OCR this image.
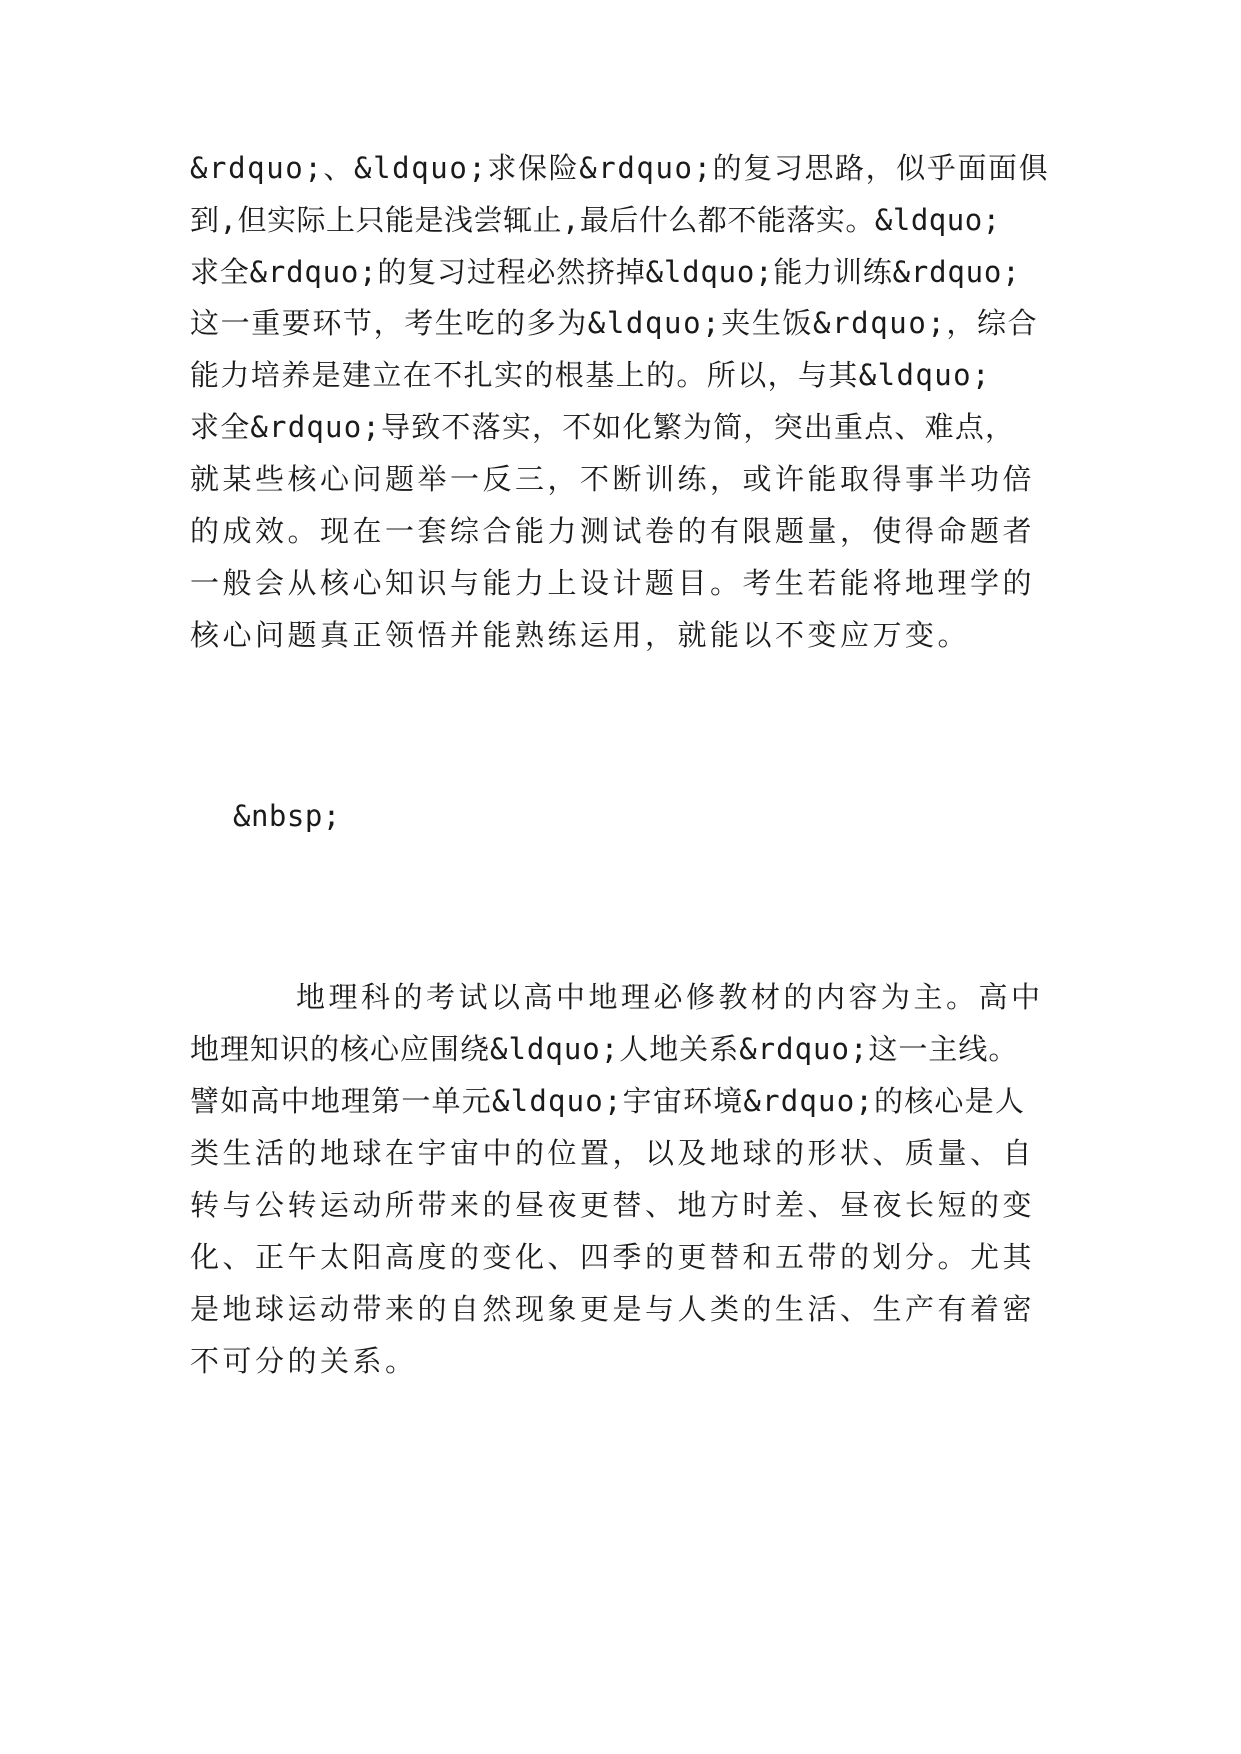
&rdquo;、&ldquo;求保险&rdquo;的复习思路，似乎面面俱

到,但实际上只能是浅尝辄止,最后什么都不能落实。&ldquo;

求全&rdquo;的复习过程必然挤掉&ldquo;能力训练&rdquo;

这一重要环节，考生吃的多为&ldquo;夹生饭&rdquo;，综合

能力培养是建立在不扎实的根基上的。所以，与其&ldquo;

求全&rdquo;导致不落实，不如化繁为简，突出重点、难点，

就某些核心问题举一反三，不断训练，或许能取得事半功倍

的成效。现在一套综合能力测试卷的有限题量，使得命题者

一般会从核心知识与能力上设计题目。考生若能将地理学的

核心问题真正领悟并能熟练运用，就能以不变应万变。

&nbsp;

地理科的考试以高中地理必修教材的内容为主。高中

地理知识的核心应围绕&ldquo;人地关系&rdquo;这一主线。

譬如高中地理第一单元&ldquo;宇宙环境&rdquo;的核心是人

类生活的地球在宇宙中的位置，以及地球的形状、质量、自

转与公转运动所带来的昼夜更替、地方时差、昼夜长短的变

化、正午太阳高度的变化、四季的更替和五带的划分。尤其

是地球运动带来的自然现象更是与人类的生活、生产有着密

不可分的关系。
